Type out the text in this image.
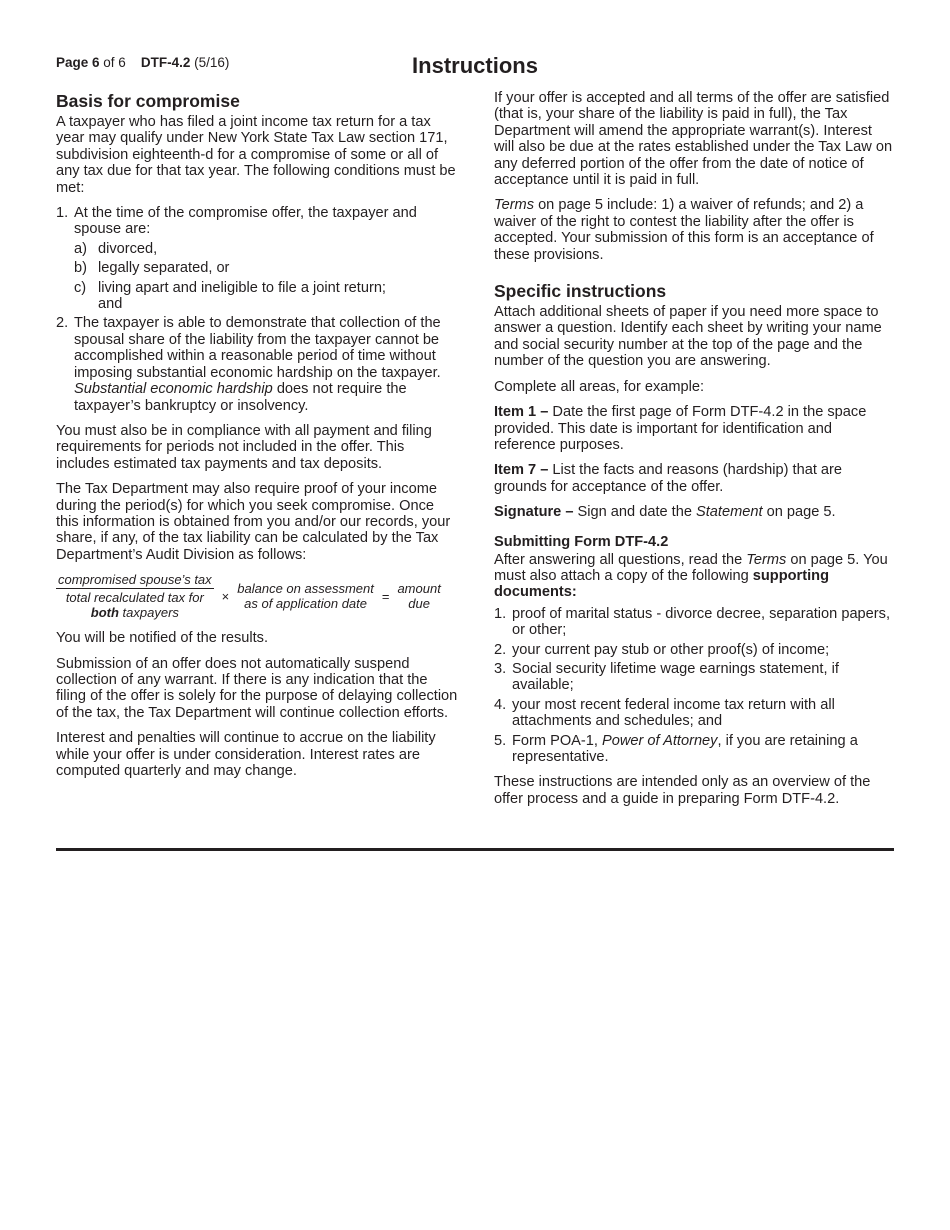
Page 6 of 6 DTF-4.2 (5/16)	Instructions
Basis for compromise

A taxpayer who has filed a joint income tax return for a tax year may qualify under New York State Tax Law section 171, subdivision eighteenth-d for a compromise of some or all of any tax due for that tax year. The following conditions must be met:

1. At the time of the compromise offer, the taxpayer and spouse are:
a) divorced,
b) legally separated, or
c) living apart and ineligible to file a joint return;
and
2. The taxpayer is able to demonstrate that collection of the spousal share of the liability from the taxpayer cannot be accomplished within a reasonable period of time without imposing substantial economic hardship on the taxpayer. Substantial economic hardship does not require the taxpayer’s bankruptcy or insolvency.

You must also be in compliance with all payment and filing requirements for periods not included in the offer. This includes estimated tax payments and tax deposits.

The Tax Department may also require proof of your income during the period(s) for which you seek compromise. Once this information is obtained from you and/or our records, your share, if any, of the tax liability can be calculated by the Tax Department’s Audit Division as follows:

compromised spouse’s tax
total recalculated tax for
both taxpayers
× balance on assessment
as of application date	= amount
due

You will be notified of the results.

Submission of an offer does not automatically suspend collection of any warrant. If there is any indication that the filing of the offer is solely for the purpose of delaying collection of the tax, the Tax Department will continue collection efforts.

Interest and penalties will continue to accrue on the liability while your offer is under consideration. Interest rates are computed quarterly and may change.

If your offer is accepted and all terms of the offer are satisfied (that is, your share of the liability is paid in full), the Tax Department will amend the appropriate warrant(s). Interest will also be due at the rates established under the Tax Law on any deferred portion of the offer from the date of notice of acceptance until it is paid in full.

Terms on page 5 include: 1) a waiver of refunds; and 2) a waiver of the right to contest the liability after the offer is accepted. Your submission of this form is an acceptance of these provisions.

Specific instructions

Attach additional sheets of paper if you need more space to answer a question. Identify each sheet by writing your name and social security number at the top of the page and the number of the question you are answering.

Complete all areas, for example:

Item 1 – Date the first page of Form DTF-4.2 in the space provided. This date is important for identification and reference purposes.

Item 7 – List the facts and reasons (hardship) that are grounds for acceptance of the offer.

Signature – Sign and date the Statement on page 5.

Submitting Form DTF-4.2

After answering all questions, read the Terms on page 5. You must also attach a copy of the following supporting documents:

1. proof of marital status - divorce decree, separation papers, or other;
2. your current pay stub or other proof(s) of income;
3. Social security lifetime wage earnings statement, if available;
4. your most recent federal income tax return with all attachments and schedules; and
5. Form POA-1, Power of Attorney, if you are retaining a representative.

These instructions are intended only as an overview of the offer process and a guide in preparing Form DTF-4.2.
